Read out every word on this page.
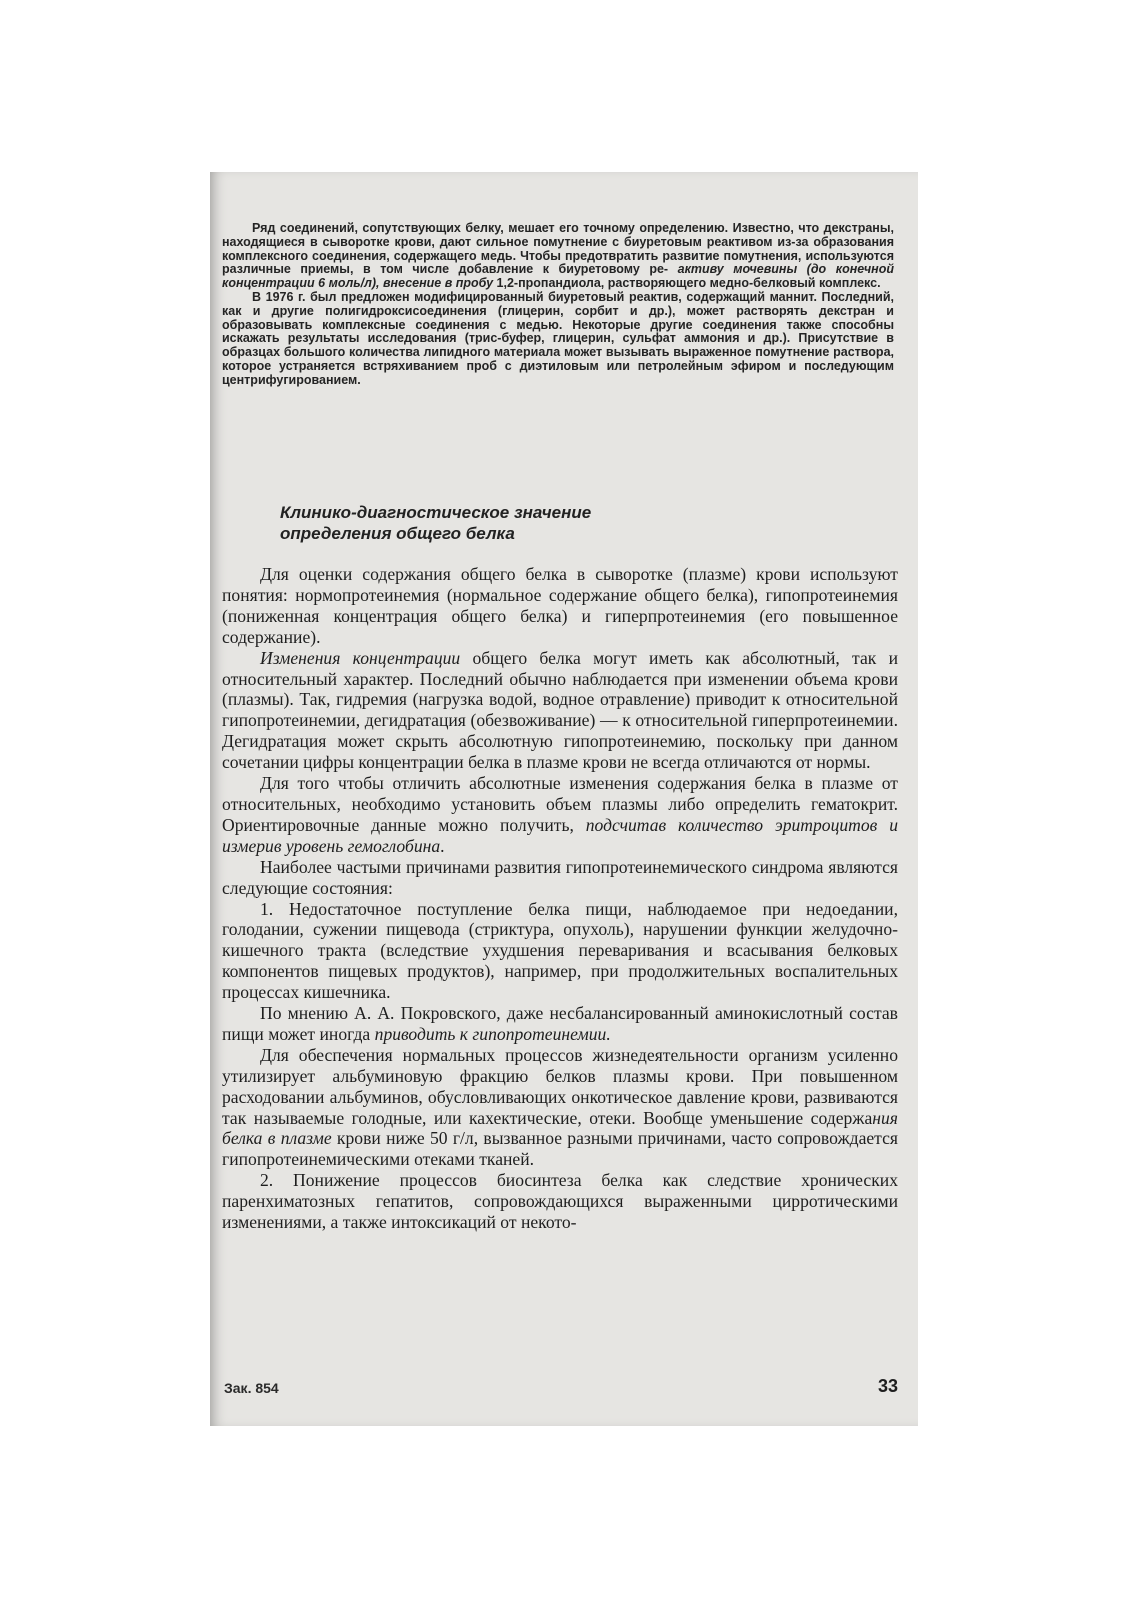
Ряд соединений, сопутствующих белку, мешает его точному определению. Известно, что декстраны, находящиеся в сыворотке крови, дают сильное помутнение с биуретовым реактивом из-за образования комплексного соединения, содержащего медь. Чтобы предотвратить развитие помутнения, используются различные приемы, в том числе добавление к биуретовому ре- активу мочевины (до конечной концентрации 6 моль/л), внесение в пробу 1,2-пропандиола, растворяющего медно-белковый комплекс.

В 1976 г. был предложен модифицированный биуретовый реактив, содержащий маннит. Последний, как и другие полигидроксисоединения (глицерин, сорбит и др.), может растворять декстран и образовывать комплексные соединения с медью. Некоторые другие соединения также способны искажать результаты исследования (трис-буфер, глицерин, сульфат аммония и др.). Присутствие в образцах большого количества липидного материала может вызывать выраженное помутнение раствора, которое устраняется встряхиванием проб с диэтиловым или петролейным эфиром и последующим центрифугированием.

Клинико-диагностическое значение
определения общего белка

Для оценки содержания общего белка в сыворотке (плазме) крови используют понятия: нормопротеинемия (нормальное содержание общего белка), гипопротеинемия (пониженная концентрация общего белка) и гиперпротеинемия (его повышенное содержание).

Изменения концентрации общего белка могут иметь как абсолютный, так и относительный характер. Последний обычно наблюдается при изменении объема крови (плазмы). Так, гидремия (нагрузка водой, водное отравление) приводит к относительной гипопротеинемии, дегидратация (обезвоживание) — к относительной гиперпротеинемии. Дегидратация может скрыть абсолютную гипопротеинемию, поскольку при данном сочетании цифры концентрации белка в плазме крови не всегда отличаются от нормы.

Для того чтобы отличить абсолютные изменения содержания белка в плазме от относительных, необходимо установить объем плазмы либо определить гематокрит. Ориентировочные данные можно получить, подсчитав количество эритроцитов и измерив уровень гемоглобина.

Наиболее частыми причинами развития гипопротеинемического синдрома являются следующие состояния:

1. Недостаточное поступление белка пищи, наблюдаемое при недоедании, голодании, сужении пищевода (стриктура, опухоль), нарушении функции желудочно-кишечного тракта (вследствие ухудшения переваривания и всасывания белковых компонентов пищевых продуктов), например, при продолжительных воспалительных процессах кишечника.

По мнению А. А. Покровского, даже несбалансированный аминокислотный состав пищи может иногда приводить к гипопротеинемии.

Для обеспечения нормальных процессов жизнедеятельности организм усиленно утилизирует альбуминовую фракцию белков плазмы крови. При повышенном расходовании альбуминов, обусловливающих онкотическое давление крови, развиваются так называемые голодные, или кахектические, отеки. Вообще уменьшение содержания белка в плазме крови ниже 50 г/л, вызванное разными причинами, часто сопровождается гипопротеинемическими отеками тканей.

2. Понижение процессов биосинтеза белка как следствие хронических паренхиматозных гепатитов, сопровождающихся выраженными цирротическими изменениями, а также интоксикаций от некото-

Зак. 854	33
